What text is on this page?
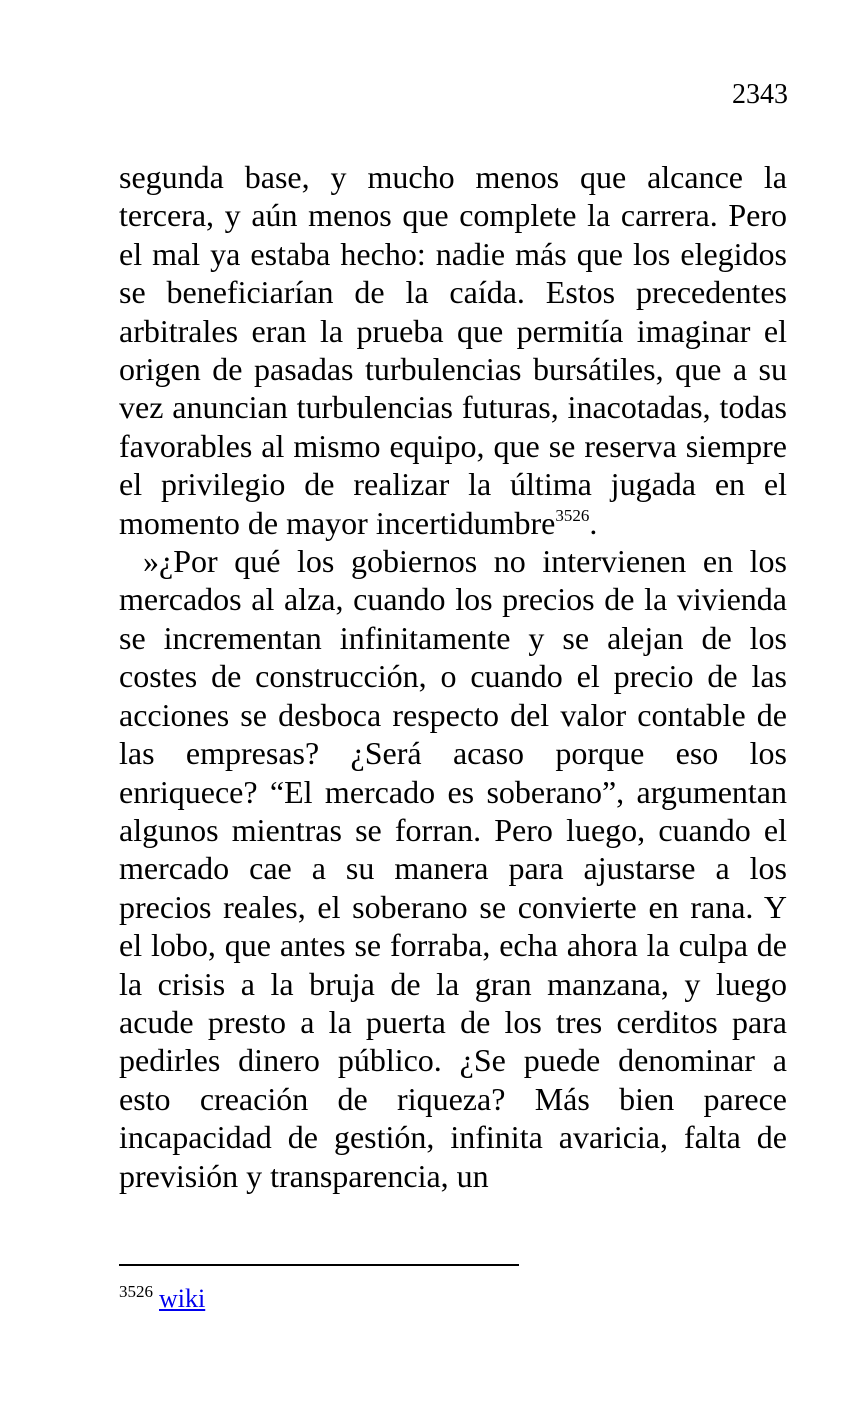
2343

segunda base, y mucho menos que alcance la tercera, y aún menos que complete la carrera. Pero el mal ya estaba hecho: nadie más que los elegidos se beneficiarían de la caída. Estos precedentes arbitrales eran la prueba que permitía imaginar el origen de pasadas turbulencias bursátiles, que a su vez anuncian turbulencias futuras, inacotadas, todas favorables al mismo equipo, que se reserva siempre el privilegio de realizar la última jugada en el momento de mayor incertidumbre$^{3526}$.

»¿Por qué los gobiernos no intervienen en los mercados al alza, cuando los precios de la vivienda se incrementan infinitamente y se alejan de los costes de construcción, o cuando el precio de las acciones se desboca respecto del valor contable de las empresas? ¿Será acaso porque eso los enriquece? “El mercado es soberano”, argumentan algunos mientras se forran. Pero luego, cuando el mercado cae a su manera para ajustarse a los precios reales, el soberano se convierte en rana. Y el lobo, que antes se forraba, echa ahora la culpa de la crisis a la bruja de la gran manzana, y luego acude presto a la puerta de los tres cerditos para pedirles dinero público. ¿Se puede denominar a esto creación de riqueza? Más bien parece incapacidad de gestión, infinita avaricia, falta de previsión y transparencia, un

$^{3526}$ wiki
